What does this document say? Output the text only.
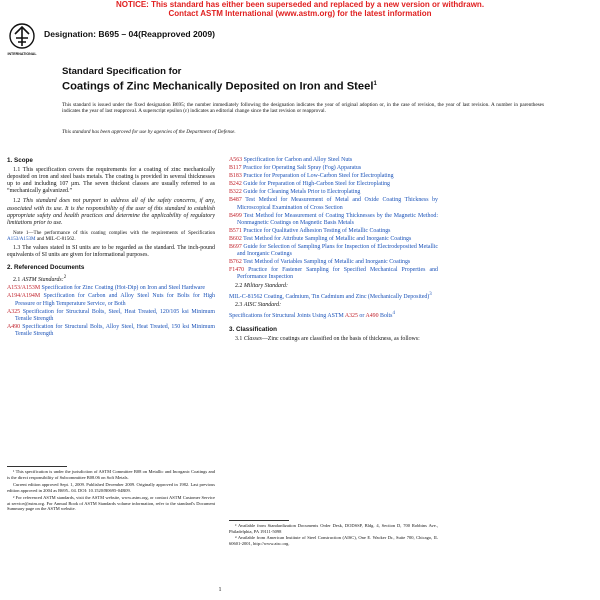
NOTICE: This standard has either been superseded and replaced by a new version or withdrawn.
Contact ASTM International (www.astm.org) for the latest information
INTERNATIONAL
Designation: B695 – 04(Reapproved 2009)
Standard Specification for
Coatings of Zinc Mechanically Deposited on Iron and Steel$^1$
This standard is issued under the fixed designation B695; the number immediately following the designation indicates the year of original adoption or, in the case of revision, the year of last revision. A number in parentheses indicates the year of last reapproval. A superscript epsilon (ε) indicates an editorial change since the last revision or reapproval.
This standard has been approved for use by agencies of the Department of Defense.
1. Scope
1.1 This specification covers the requirements for a coating of zinc mechanically deposited on iron and steel basis metals. The coating is provided in several thicknesses up to and including 107 µm. The seven thickest classes are usually referred to as “mechanically galvanized.”
1.2 This standard does not purport to address all of the safety concerns, if any, associated with its use. It is the responsibility of the user of this standard to establish appropriate safety and health practices and determine the applicability of regulatory limitations prior to use.
Note 1—The performance of this coating complies with the requirements of Specification A153/A153M and MIL-C-81562.
1.3 The values stated in SI units are to be regarded as the standard. The inch-pound equivalents of SI units are given for informational purposes.
2. Referenced Documents
2.1 ASTM Standards:$^2$
A153/A153M Specification for Zinc Coating (Hot-Dip) on Iron and Steel Hardware
A194/A194M Specification for Carbon and Alloy Steel Nuts for Bolts for High Pressure or High Temperature Service, or Both
A325 Specification for Structural Bolts, Steel, Heat Treated, 120/105 ksi Minimum Tensile Strength
A490 Specification for Structural Bolts, Alloy Steel, Heat Treated, 150 ksi Minimum Tensile Strength
¹ This specification is under the jurisdiction of ASTM Committee B08 on Metallic and Inorganic Coatings and is the direct responsibility of Subcommittee B08.06 on Soft Metals.
Current edition approved Sept. 1, 2009. Published December 2009. Originally approved in 1982. Last previous edition approved in 2004 as B695– 04. DOI: 10.1520/B0695-04R09.
² For referenced ASTM standards, visit the ASTM website, www.astm.org, or contact ASTM Customer Service at service@astm.org. For Annual Book of ASTM Standards volume information, refer to the standard's Document Summary page on the ASTM website.
A563 Specification for Carbon and Alloy Steel Nuts
B117 Practice for Operating Salt Spray (Fog) Apparatus
B183 Practice for Preparation of Low-Carbon Steel for Electroplating
B242 Guide for Preparation of High-Carbon Steel for Electroplating
B322 Guide for Cleaning Metals Prior to Electroplating
B487 Test Method for Measurement of Metal and Oxide Coating Thickness by Microscopical Examination of Cross Section
B499 Test Method for Measurement of Coating Thicknesses by the Magnetic Method: Nonmagnetic Coatings on Magnetic Basis Metals
B571 Practice for Qualitative Adhesion Testing of Metallic Coatings
B602 Test Method for Attribute Sampling of Metallic and Inorganic Coatings
B697 Guide for Selection of Sampling Plans for Inspection of Electrodeposited Metallic and Inorganic Coatings
B762 Test Method of Variables Sampling of Metallic and Inorganic Coatings
F1470 Practice for Fastener Sampling for Specified Mechanical Properties and Performance Inspection
2.2 Military Standard:
MIL-C-81562 Coating, Cadmium, Tin Cadmium and Zinc (Mechanically Deposited)$^3$
2.3 AISC Standard:
Specifications for Structural Joints Using ASTM A325 or A490 Bolts$^4$
3. Classification
3.1 Classes—Zinc coatings are classified on the basis of thickness, as follows:
³ Available from Standardization Documents Order Desk, DODSSP, Bldg. 4, Section D, 700 Robbins Ave., Philadelphia, PA 19111-5098
⁴ Available from American Institute of Steel Construction (AISC), One E. Wacker Dr., Suite 700, Chicago, IL 60601-2001, http://www.aisc.org.
1
